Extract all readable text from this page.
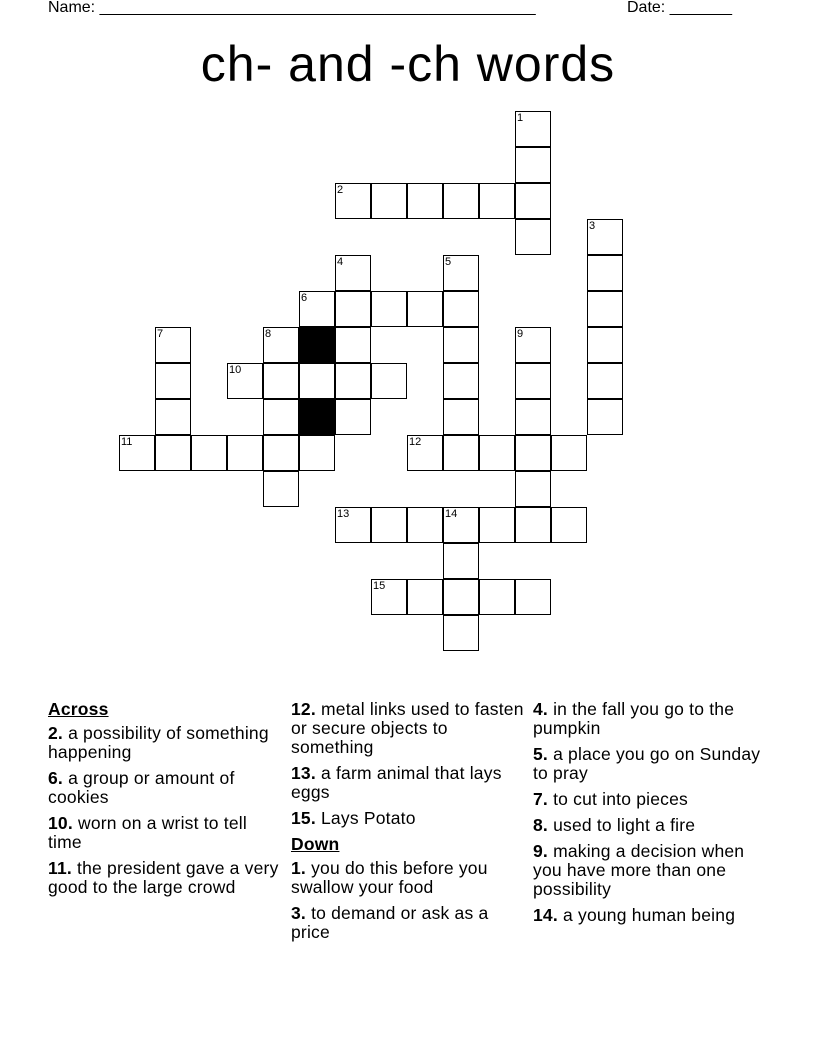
Name: _________________________________________________	Date: _______
ch- and -ch words
1
2
3
4
6
5
7	8
10
11
9
12
13	14
15
Across
2. a possibility of something happening
6. a group or amount of cookies
10. worn on a wrist to tell time
11. the president gave a very good to the large crowd
12. metal links used to fasten or secure objects to something
13. a farm animal that lays eggs
15. Lays Potato
Down
1. you do this before you swallow your food
3. to demand or ask as a price
4. in the fall you go to the pumpkin
5. a place you go on Sunday to pray
7. to cut into pieces
8. used to light a fire
9. making a decision when you have more than one possibility
14. a young human being
